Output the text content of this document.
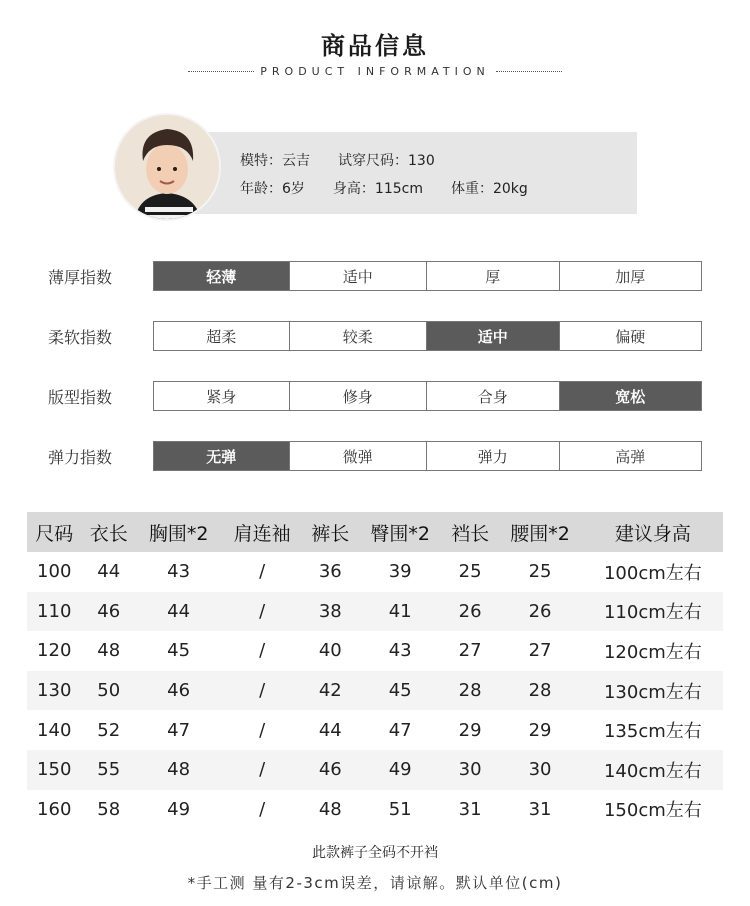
商品信息
PRODUCT INFORMATION
模特：云吉 试穿尺码：130
年龄：6岁 身高：115cm 体重：20kg
薄厚指数	轻薄	适中	厚	加厚
柔软指数	超柔	较柔	适中	偏硬
版型指数	紧身	修身	合身	宽松
弹力指数	无弹	微弹	弹力	高弹
尺码	衣长	胸围*2	肩连袖	裤长	臀围*2	裆长	腰围*2	建议身高
100	44	43	/	36	39	25	25	100cm左右
110	46	44	/	38	41	26	26	110cm左右
120	48	45	/	40	43	27	27	120cm左右
130	50	46	/	42	45	28	28	130cm左右
140	52	47	/	44	47	29	29	135cm左右
150	55	48	/	46	49	30	30	140cm左右
160	58	49	/	48	51	31	31	150cm左右
此款裤子全码不开裆
*手工测 量有2-3cm误差，请谅解。默认单位(cm)
